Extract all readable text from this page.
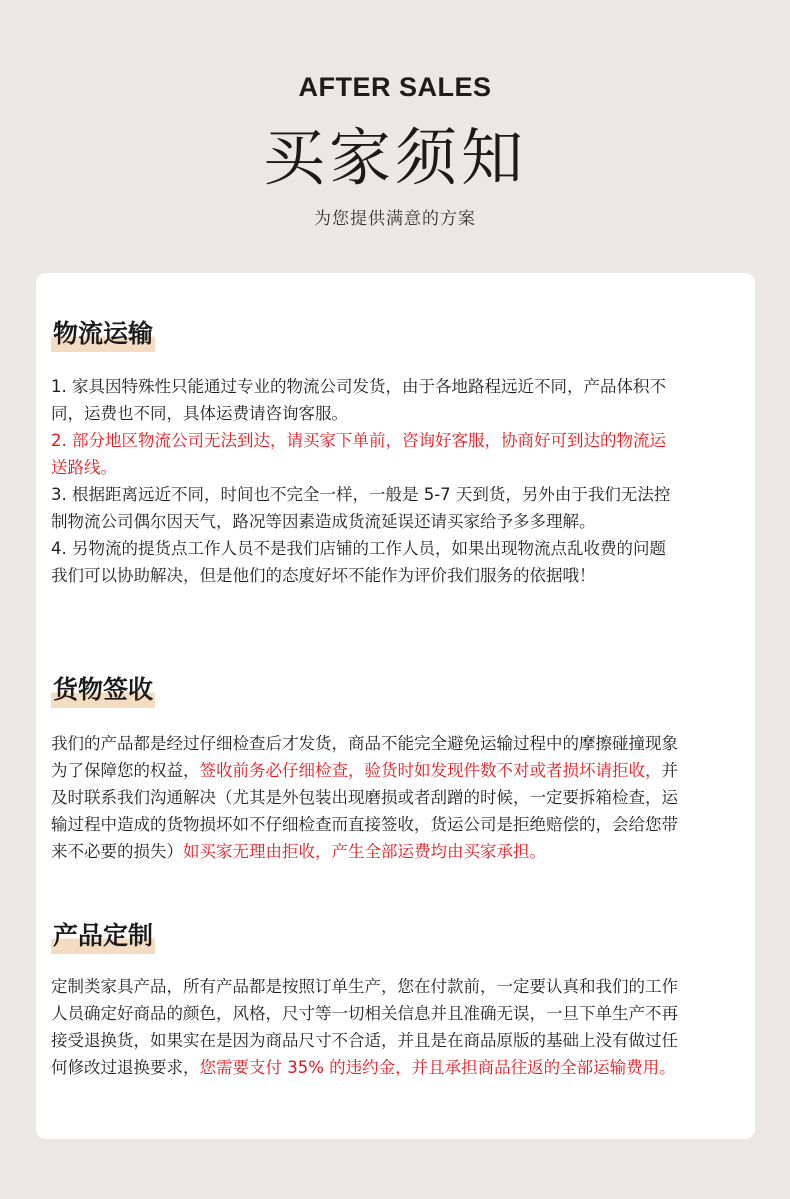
AFTER SALES
买家须知
为您提供满意的方案
物流运输

1. 家具因特殊性只能通过专业的物流公司发货，由于各地路程远近不同，产品体积不同，运费也不同，具体运费请咨询客服。

2. 部分地区物流公司无法到达，请买家下单前，咨询好客服，协商好可到达的物流运送路线。

3. 根据距离远近不同，时间也不完全一样，一般是 5-7 天到货，另外由于我们无法控制物流公司偶尔因天气，路况等因素造成货流延误还请买家给予多多理解。

4. 另物流的提货点工作人员不是我们店铺的工作人员，如果出现物流点乱收费的问题我们可以协助解决，但是他们的态度好坏不能作为评价我们服务的依据哦！

货物签收

我们的产品都是经过仔细检查后才发货，商品不能完全避免运输过程中的摩擦碰撞现象为了保障您的权益，签收前务必仔细检查，验货时如发现件数不对或者损坏请拒收，并及时联系我们沟通解决（尤其是外包装出现磨损或者刮蹭的时候，一定要拆箱检查，运输过程中造成的货物损坏如不仔细检查而直接签收，货运公司是拒绝赔偿的，会给您带来不必要的损失）如买家无理由拒收，产生全部运费均由买家承担。

产品定制

定制类家具产品，所有产品都是按照订单生产，您在付款前，一定要认真和我们的工作人员确定好商品的颜色，风格，尺寸等一切相关信息并且准确无误，一旦下单生产不再接受退换货，如果实在是因为商品尺寸不合适，并且是在商品原版的基础上没有做过任何修改过退换要求，您需要支付 35% 的违约金，并且承担商品往返的全部运输费用。
